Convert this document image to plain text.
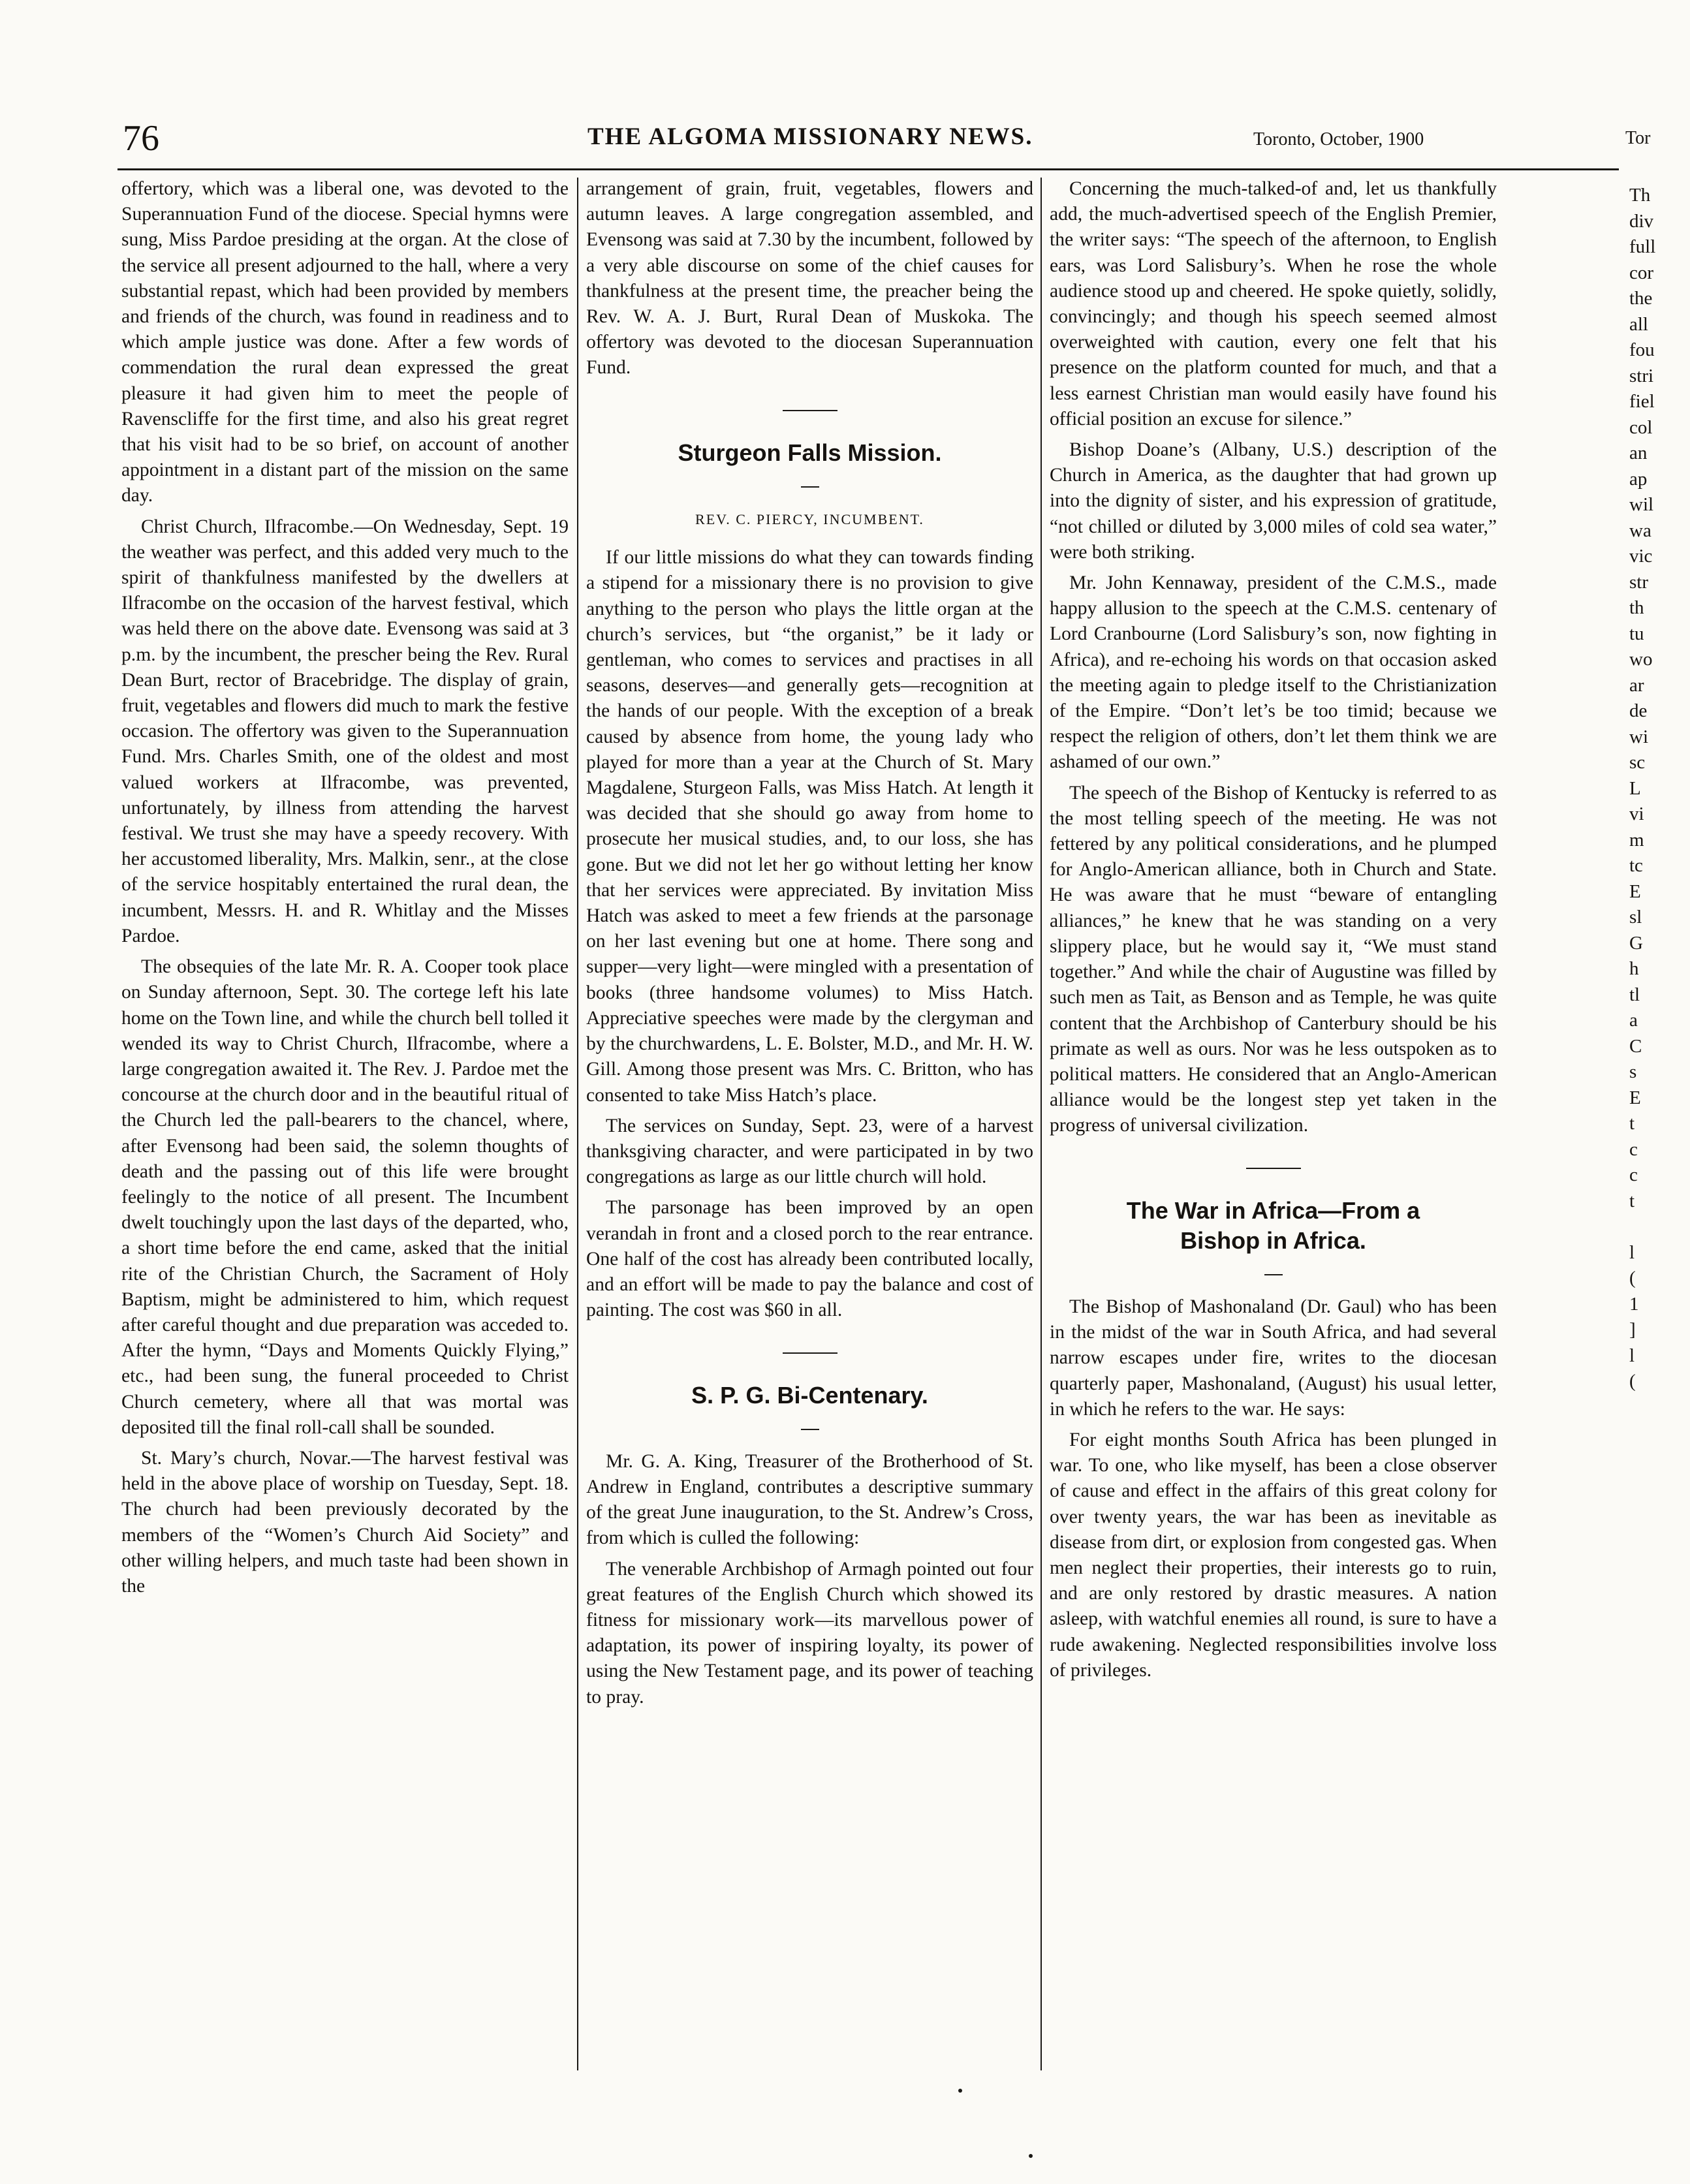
76	THE ALGOMA MISSIONARY NEWS.	Toronto, October, 1900	Tor

offertory, which was a liberal one, was devoted to the Superannuation Fund of the diocese. Special hymns were sung, Miss Pardoe presiding at the organ. At the close of the service all present adjourned to the hall, where a very substantial repast, which had been provided by members and friends of the church, was found in readiness and to which ample justice was done. After a few words of commendation the rural dean expressed the great pleasure it had given him to meet the people of Ravenscliffe for the first time, and also his great regret that his visit had to be so brief, on account of another appointment in a distant part of the mission on the same day.

Christ Church, Ilfracombe.—On Wednesday, Sept. 19 the weather was perfect, and this added very much to the spirit of thankfulness manifested by the dwellers at Ilfracombe on the occasion of the harvest festival, which was held there on the above date. Evensong was said at 3 p.m. by the incumbent, the prescher being the Rev. Rural Dean Burt, rector of Bracebridge. The display of grain, fruit, vegetables and flowers did much to mark the festive occasion. The offertory was given to the Superannuation Fund. Mrs. Charles Smith, one of the oldest and most valued workers at Ilfracombe, was prevented, unfortunately, by illness from attending the harvest festival. We trust she may have a speedy recovery. With her accustomed liberality, Mrs. Malkin, senr., at the close of the service hospitably entertained the rural dean, the incumbent, Messrs. H. and R. Whitlay and the Misses Pardoe.

The obsequies of the late Mr. R. A. Cooper took place on Sunday afternoon, Sept. 30. The cortege left his late home on the Town line, and while the church bell tolled it wended its way to Christ Church, Ilfracombe, where a large congregation awaited it. The Rev. J. Pardoe met the concourse at the church door and in the beautiful ritual of the Church led the pall-bearers to the chancel, where, after Evensong had been said, the solemn thoughts of death and the passing out of this life were brought feelingly to the notice of all present. The Incumbent dwelt touchingly upon the last days of the departed, who, a short time before the end came, asked that the initial rite of the Christian Church, the Sacrament of Holy Baptism, might be administered to him, which request after careful thought and due preparation was acceded to. After the hymn, “Days and Moments Quickly Flying,” etc., had been sung, the funeral proceeded to Christ Church cemetery, where all that was mortal was deposited till the final roll-call shall be sounded.

St. Mary’s church, Novar.—The harvest festival was held in the above place of worship on Tuesday, Sept. 18. The church had been previously decorated by the members of the “Women’s Church Aid Society” and other willing helpers, and much taste had been shown in the

arrangement of grain, fruit, vegetables, flowers and autumn leaves. A large congregation assembled, and Evensong was said at 7.30 by the incumbent, followed by a very able discourse on some of the chief causes for thankfulness at the present time, the preacher being the Rev. W. A. J. Burt, Rural Dean of Muskoka. The offertory was devoted to the diocesan Superannuation Fund.

Sturgeon Falls Mission.
REV. C. PIERCY, INCUMBENT.

If our little missions do what they can towards finding a stipend for a missionary there is no provision to give anything to the person who plays the little organ at the church’s services, but “the organist,” be it lady or gentleman, who comes to services and practises in all seasons, deserves—and generally gets—recognition at the hands of our people. With the exception of a break caused by absence from home, the young lady who played for more than a year at the Church of St. Mary Magdalene, Sturgeon Falls, was Miss Hatch. At length it was decided that she should go away from home to prosecute her musical studies, and, to our loss, she has gone. But we did not let her go without letting her know that her services were appreciated. By invitation Miss Hatch was asked to meet a few friends at the parsonage on her last evening but one at home. There song and supper—very light—were mingled with a presentation of books (three handsome volumes) to Miss Hatch. Appreciative speeches were made by the clergyman and by the churchwardens, L. E. Bolster, M.D., and Mr. H. W. Gill. Among those present was Mrs. C. Britton, who has consented to take Miss Hatch’s place.

The services on Sunday, Sept. 23, were of a harvest thanksgiving character, and were participated in by two congregations as large as our little church will hold.

The parsonage has been improved by an open verandah in front and a closed porch to the rear entrance. One half of the cost has already been contributed locally, and an effort will be made to pay the balance and cost of painting. The cost was $60 in all.

S. P. G. Bi-Centenary.

Mr. G. A. King, Treasurer of the Brotherhood of St. Andrew in England, contributes a descriptive summary of the great June inauguration, to the St. Andrew’s Cross, from which is culled the following:

The venerable Archbishop of Armagh pointed out four great features of the English Church which showed its fitness for missionary work—its marvellous power of adaptation, its power of inspiring loyalty, its power of using the New Testament page, and its power of teaching to pray.

Concerning the much-talked-of and, let us thankfully add, the much-advertised speech of the English Premier, the writer says: “The speech of the afternoon, to English ears, was Lord Salisbury’s. When he rose the whole audience stood up and cheered. He spoke quietly, solidly, convincingly; and though his speech seemed almost overweighted with caution, every one felt that his presence on the platform counted for much, and that a less earnest Christian man would easily have found his official position an excuse for silence.”

Bishop Doane’s (Albany, U.S.) description of the Church in America, as the daughter that had grown up into the dignity of sister, and his expression of gratitude, “not chilled or diluted by 3,000 miles of cold sea water,” were both striking.

Mr. John Kennaway, president of the C.M.S., made happy allusion to the speech at the C.M.S. centenary of Lord Cranbourne (Lord Salisbury’s son, now fighting in Africa), and re-echoing his words on that occasion asked the meeting again to pledge itself to the Christianization of the Empire. “Don’t let’s be too timid; because we respect the religion of others, don’t let them think we are ashamed of our own.”

The speech of the Bishop of Kentucky is referred to as the most telling speech of the meeting. He was not fettered by any political considerations, and he plumped for Anglo-American alliance, both in Church and State. He was aware that he must “beware of entangling alliances,” he knew that he was standing on a very slippery place, but he would say it, “We must stand together.” And while the chair of Augustine was filled by such men as Tait, as Benson and as Temple, he was quite content that the Archbishop of Canterbury should be his primate as well as ours. Nor was he less outspoken as to political matters. He considered that an Anglo-American alliance would be the longest step yet taken in the progress of universal civilization.

The War in Africa—From a
Bishop in Africa.

The Bishop of Mashonaland (Dr. Gaul) who has been in the midst of the war in South Africa, and had several narrow escapes under fire, writes to the diocesan quarterly paper, Mashonaland, (August) his usual letter, in which he refers to the war. He says:

For eight months South Africa has been plunged in war. To one, who like myself, has been a close observer of cause and effect in the affairs of this great colony for over twenty years, the war has been as inevitable as disease from dirt, or explosion from congested gas. When men neglect their properties, their interests go to ruin, and are only restored by drastic measures. A nation asleep, with watchful enemies all round, is sure to have a rude awakening. Neglected responsibilities involve loss of privileges.

Th
div
full
cor
the
all
fou
stri
fiel
col
an
ap
wil
wa
vic
str
th
tu
wo
ar
de
wi
sc
L
vi
m
tc
E
sl
G
h
tl
a
C
s
E
t
c
c
t

l
(
1
]
l
(
